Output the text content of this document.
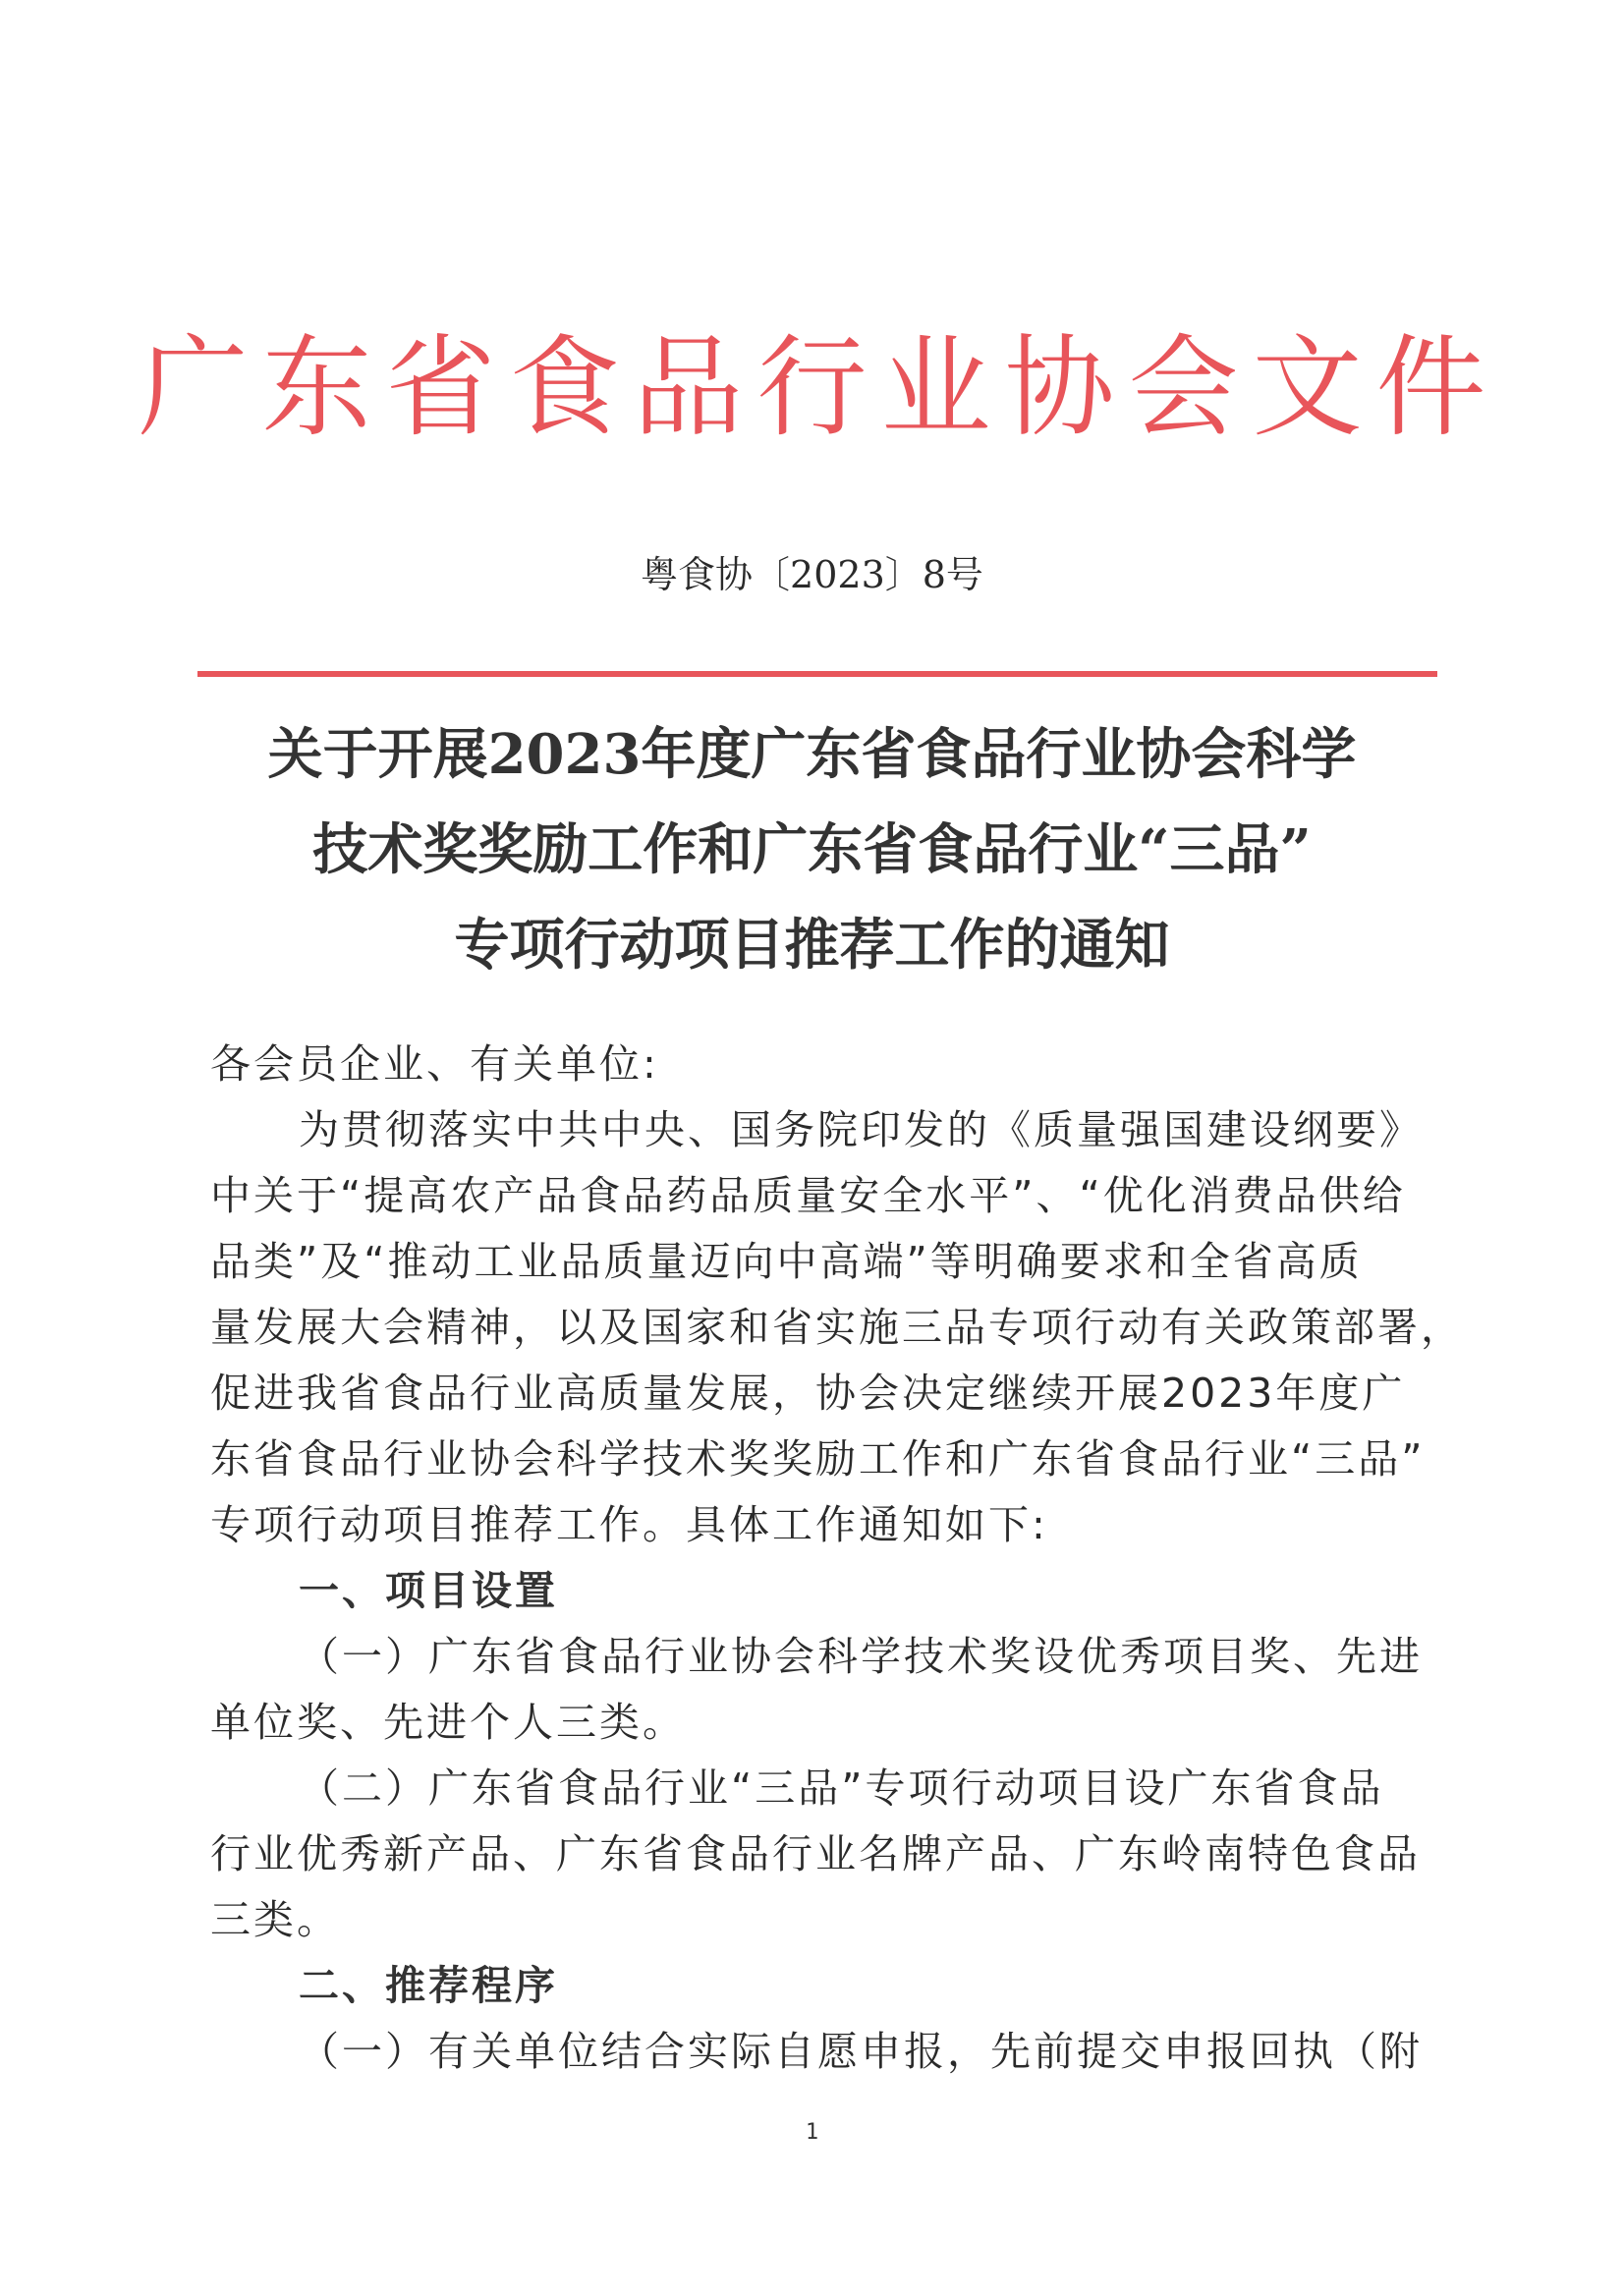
广东省食品行业协会文件
粤食协〔2023〕8号
关于开展2023年度广东省食品行业协会科学
技术奖奖励工作和广东省食品行业“三品”
专项行动项目推荐工作的通知
各会员企业、有关单位:
为贯彻落实中共中央、国务院印发的《质量强国建设纲要》
中关于“提高农产品食品药品质量安全水平”、“优化消费品供给
品类”及“推动工业品质量迈向中高端”等明确要求和全省高质
量发展大会精神，以及国家和省实施三品专项行动有关政策部署，
促进我省食品行业高质量发展，协会决定继续开展2023年度广
东省食品行业协会科学技术奖奖励工作和广东省食品行业“三品”
专项行动项目推荐工作。具体工作通知如下:
一、项目设置
（一）广东省食品行业协会科学技术奖设优秀项目奖、先进
单位奖、先进个人三类。
（二）广东省食品行业“三品”专项行动项目设广东省食品
行业优秀新产品、广东省食品行业名牌产品、广东岭南特色食品
三类。
二、推荐程序
（一）有关单位结合实际自愿申报，先前提交申报回执（附
1
